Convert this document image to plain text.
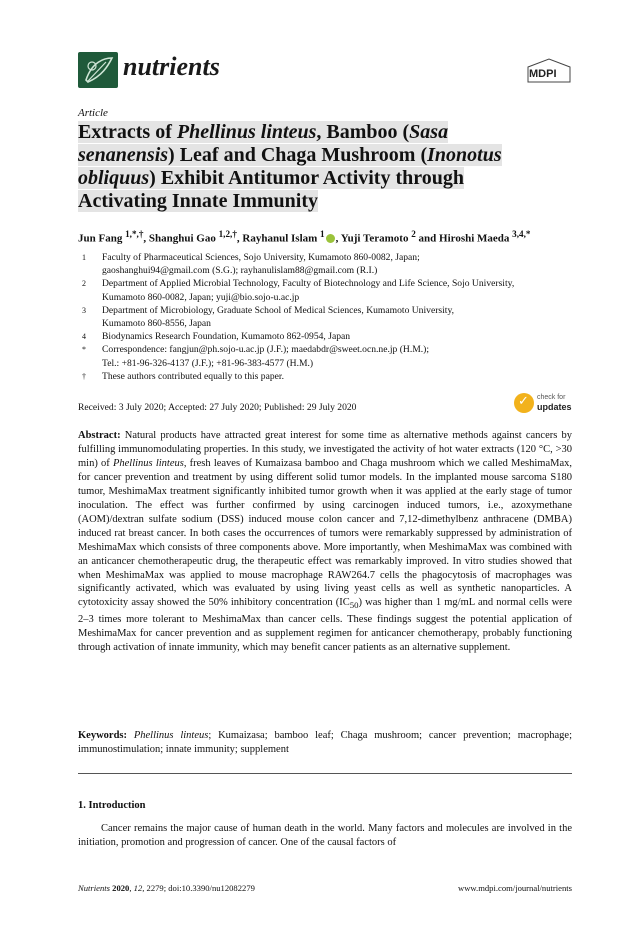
nutrients	MDPI
Article
Extracts of Phellinus linteus, Bamboo (Sasa
senanensis) Leaf and Chaga Mushroom (Inonotus
obliquus) Exhibit Antitumor Activity through
Activating Innate Immunity
Jun Fang $^{1,*,\dagger}$, Shanghui Gao $^{1,2,\dagger}$, Rayhanul Islam $^1$ , Yuji Teramoto $^2$ and Hiroshi Maeda $^{3,4,*}$
1 Faculty of Pharmaceutical Sciences, Sojo University, Kumamoto 860-0082, Japan;
gaoshanghui94@gmail.com (S.G.); rayhanulislam88@gmail.com (R.I.)
2 Department of Applied Microbial Technology, Faculty of Biotechnology and Life Science, Sojo University,
Kumamoto 860-0082, Japan; yuji@bio.sojo-u.ac.jp
3 Department of Microbiology, Graduate School of Medical Sciences, Kumamoto University,
Kumamoto 860-8556, Japan
4 Biodynamics Research Foundation, Kumamoto 862-0954, Japan
* Correspondence: fangjun@ph.sojo-u.ac.jp (J.F.); maedabdr@sweet.ocn.ne.jp (H.M.);
Tel.: +81-96-326-4137 (J.F.); +81-96-383-4577 (H.M.)
† These authors contributed equally to this paper.
Received: 3 July 2020; Accepted: 27 July 2020; Published: 29 July 2020
✓
check for
updates

Abstract: Natural products have attracted great interest for some time as alternative methods against cancers by fulfilling immunomodulating properties. In this study, we investigated the activity of hot water extracts (120 °C, >30 min) of Phellinus linteus, fresh leaves of Kumaizasa bamboo and Chaga mushroom which we called MeshimaMax, for cancer prevention and treatment by using different solid tumor models. In the implanted mouse sarcoma S180 tumor, MeshimaMax treatment significantly inhibited tumor growth when it was applied at the early stage of tumor inoculation. The effect was further confirmed by using carcinogen induced tumors, i.e., azoxymethane (AOM)/dextran sulfate sodium (DSS) induced mouse colon cancer and 7,12-dimethylbenz anthracene (DMBA) induced rat breast cancer. In both cases the occurrences of tumors were remarkably suppressed by administration of MeshimaMax which consists of three components above. More importantly, when MeshimaMax was combined with an anticancer chemotherapeutic drug, the therapeutic effect was remarkably improved. In vitro studies showed that when MeshimaMax was applied to mouse macrophage RAW264.7 cells the phagocytosis of macrophages was significantly activated, which was evaluated by using living yeast cells as well as synthetic nanoparticles. A cytotoxicity assay showed the 50% inhibitory concentration $(IC_{50})$ was higher than 1 mg/mL and normal cells were 2–3 times more tolerant to MeshimaMax than cancer cells. These findings suggest the potential application of MeshimaMax for cancer prevention and as supplement regimen for anticancer chemotherapy, probably functioning through activation of innate immunity, which may benefit cancer patients as an alternative supplement.

Keywords: Phellinus linteus; Kumaizasa; bamboo leaf; Chaga mushroom; cancer prevention; macrophage; immunostimulation; innate immunity; supplement

1. Introduction

Cancer remains the major cause of human death in the world. Many factors and molecules are involved in the initiation, promotion and progression of cancer. One of the causal factors of

Nutrients 2020, 12, 2279; doi:10.3390/nu12082279	www.mdpi.com/journal/nutrients
